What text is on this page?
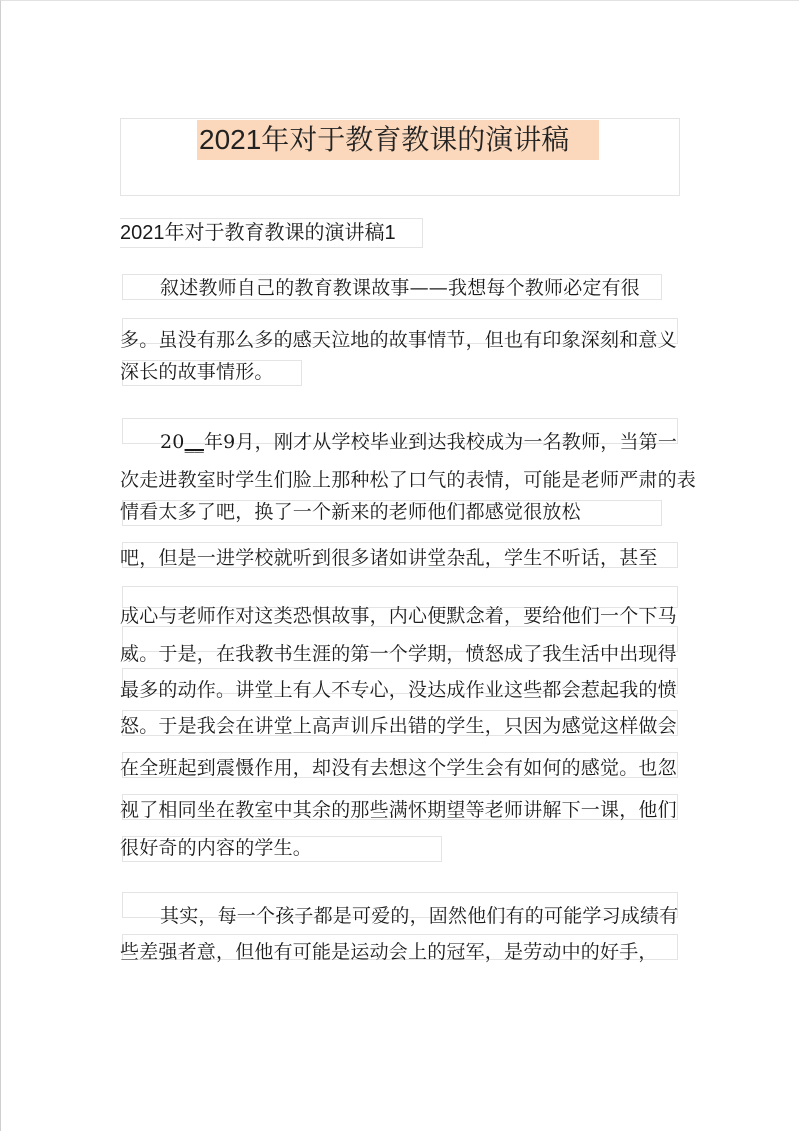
2021年对于教育教课的演讲稿
2021年对于教育教课的演讲稿1
叙述教师自己的教育教课故事——我想每个教师必定有很
多。虽没有那么多的感天泣地的故事情节，但也有印象深刻和意义
深长的故事情形。
20__年9月，刚才从学校毕业到达我校成为一名教师，当第一
次走进教室时学生们脸上那种松了口气的表情，可能是老师严肃的表
情看太多了吧，换了一个新来的老师他们都感觉很放松
吧，但是一进学校就听到很多诸如讲堂杂乱，学生不听话，甚至
成心与老师作对这类恐惧故事，内心便默念着，要给他们一个下马
威。于是，在我教书生涯的第一个学期，愤怒成了我生活中出现得
最多的动作。讲堂上有人不专心，没达成作业这些都会惹起我的愤
怒。于是我会在讲堂上高声训斥出错的学生，只因为感觉这样做会
在全班起到震慑作用，却没有去想这个学生会有如何的感觉。也忽
视了相同坐在教室中其余的那些满怀期望等老师讲解下一课，他们
很好奇的内容的学生。
其实，每一个孩子都是可爱的，固然他们有的可能学习成绩有
些差强者意，但他有可能是运动会上的冠军，是劳动中的好手，
